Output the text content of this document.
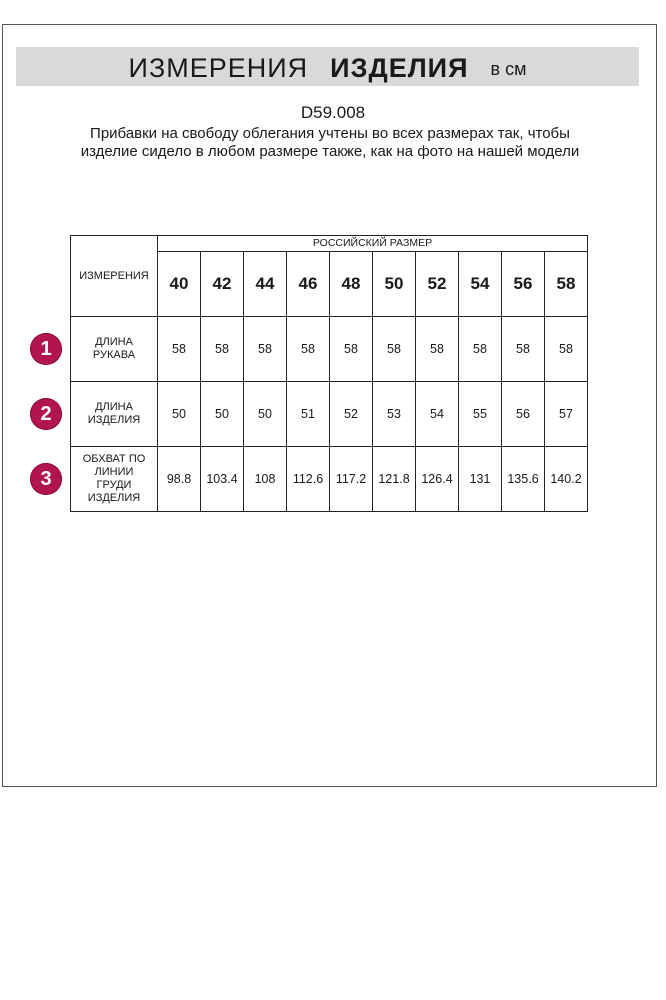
ИЗМЕРЕНИЯ ИЗДЕЛИЯ в см
D59.008
Прибавки на свободу облегания учтены во всех размерах так, чтобы изделие сидело в любом размере также, как на фото на нашей модели
ИЗМЕРЕНИЯ	РОССИЙСКИЙ РАЗМЕР									
	40	42	44	46	48	50	52	54	56	58
ДЛИНА
РУКАВА	58	58	58	58	58	58	58	58	58	58
ДЛИНА
ИЗДЕЛИЯ	50	50	50	51	52	53	54	55	56	57
ОБХВАТ ПО
ЛИНИИ
ГРУДИ
ИЗДЕЛИЯ	98.8	103.4	108	112.6	117.2	121.8	126.4	131	135.6	140.2
1
2
3
